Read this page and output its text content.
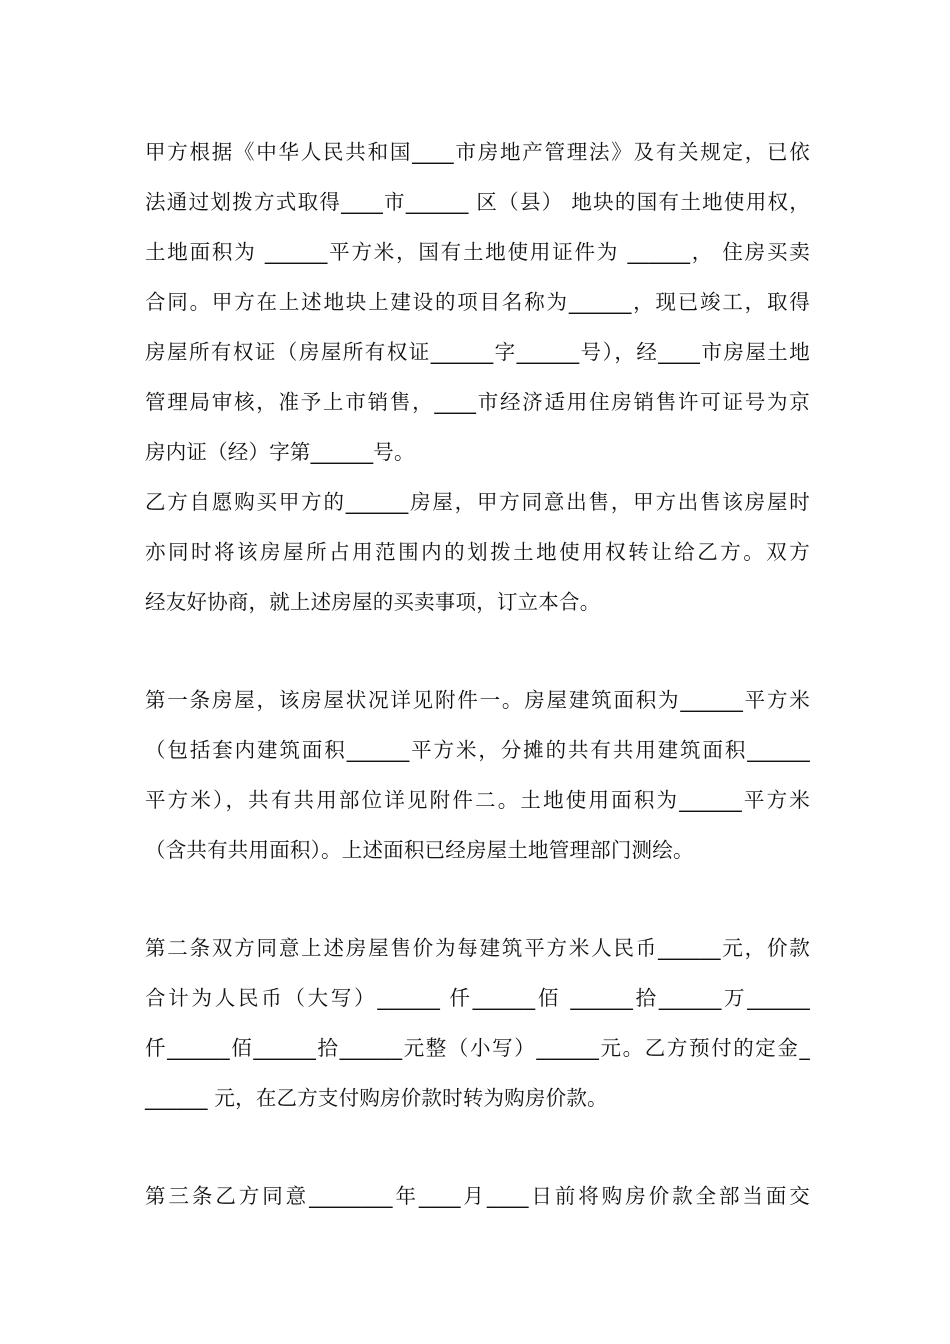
甲方根据《中华人民共和国____市房地产管理法》及有关规定，已依
法通过划拨方式取得____市______ 区（县） 地块的国有土地使用权，
土地面积为 ______平方米，国有土地使用证件为 ______， 住房买卖
合同。甲方在上述地块上建设的项目名称为______，现已竣工，取得
房屋所有权证（房屋所有权证______字______号），经____市房屋土地
管理局审核，准予上市销售，____市经济适用住房销售许可证号为京
房内证（经）字第______号。
乙方自愿购买甲方的______房屋，甲方同意出售，甲方出售该房屋时
亦同时将该房屋所占用范围内的划拨土地使用权转让给乙方。双方
经友好协商，就上述房屋的买卖事项，订立本合。
第一条房屋，该房屋状况详见附件一。房屋建筑面积为______平方米
（包括套内建筑面积______平方米，分摊的共有共用建筑面积______
平方米），共有共用部位详见附件二。土地使用面积为______平方米
（含共有共用面积）。上述面积已经房屋土地管理部门测绘。
第二条双方同意上述房屋售价为每建筑平方米人民币______元，价款
合计为人民币（大写）______ 仟______佰 ______拾______万______
仟______佰______拾______元整（小写）______元。乙方预付的定金_
______ 元，在乙方支付购房价款时转为购房价款。
第三条乙方同意________年____月____日前将购房价款全部当面交
